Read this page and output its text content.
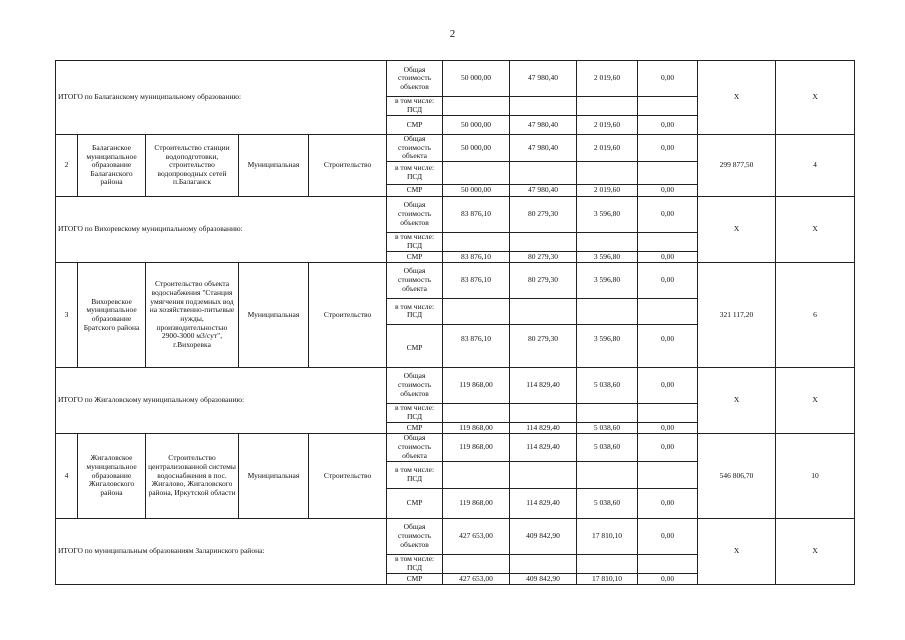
2
ИТОГО по Балаганскому муниципальному образованию:					Общая стоимость объектов	50 000,00	47 980,40	2 019,60	0,00	Х	Х
					в том числе: ПСД						
					СМР	50 000,00	47 980,40	2 019,60	0,00		
2	Балаганское муниципальное образование Балаганского района	Строительство станции водоподготовки, строительство водопроводных сетей п.Балаганск	Муниципальная	Строительство	Общая стоимость объекта	50 000,00	47 980,40	2 019,60	0,00	299 877,50	4
					в том числе: ПСД						
					СМР	50 000,00	47 980,40	2 019,60	0,00		
ИТОГО по Вихоревскому муниципальному образованию:					Общая стоимость объектов	83 876,10	80 279,30	3 596,80	0,00	Х	Х
					в том числе: ПСД						
					СМР	83 876,10	80 279,30	3 596,80	0,00		
3	Вихоревское муниципальное образование Братского района	Строительство объекта водоснабжения "Станция умягчения подземных вод на хозяйственно-питьевые нужды, производительностью 2900-3000 м3/сут", г.Вихоревка	Муниципальная	Строительство	Общая стоимость объекта	83 876,10	80 279,30	3 596,80	0,00	321 117,20	6
					в том числе: ПСД						
					СМР	83 876,10	80 279,30	3 596,80	0,00		
ИТОГО по Жигаловскому муниципальному образованию:					Общая стоимость объектов	119 868,00	114 829,40	5 038,60	0,00	Х	Х
					в том числе: ПСД						
					СМР	119 868,00	114 829,40	5 038,60	0,00		
4	Жигаловское муниципальное образование Жигаловского района	Строительство централизованной системы водоснабжения в пос. Жигалово, Жигаловского района, Иркутской области	Муниципальная	Строительство	Общая стоимость объекта	119 868,00	114 829,40	5 038,60	0,00	546 806,70	10
					в том числе: ПСД						
					СМР	119 868,00	114 829,40	5 038,60	0,00		
ИТОГО по муниципальным образованиям Заларинского района:					Общая стоимость объектов	427 653,00	409 842,90	17 810,10	0,00	Х	Х
					в том числе: ПСД						
					СМР	427 653,00	409 842,90	17 810,10	0,00		
